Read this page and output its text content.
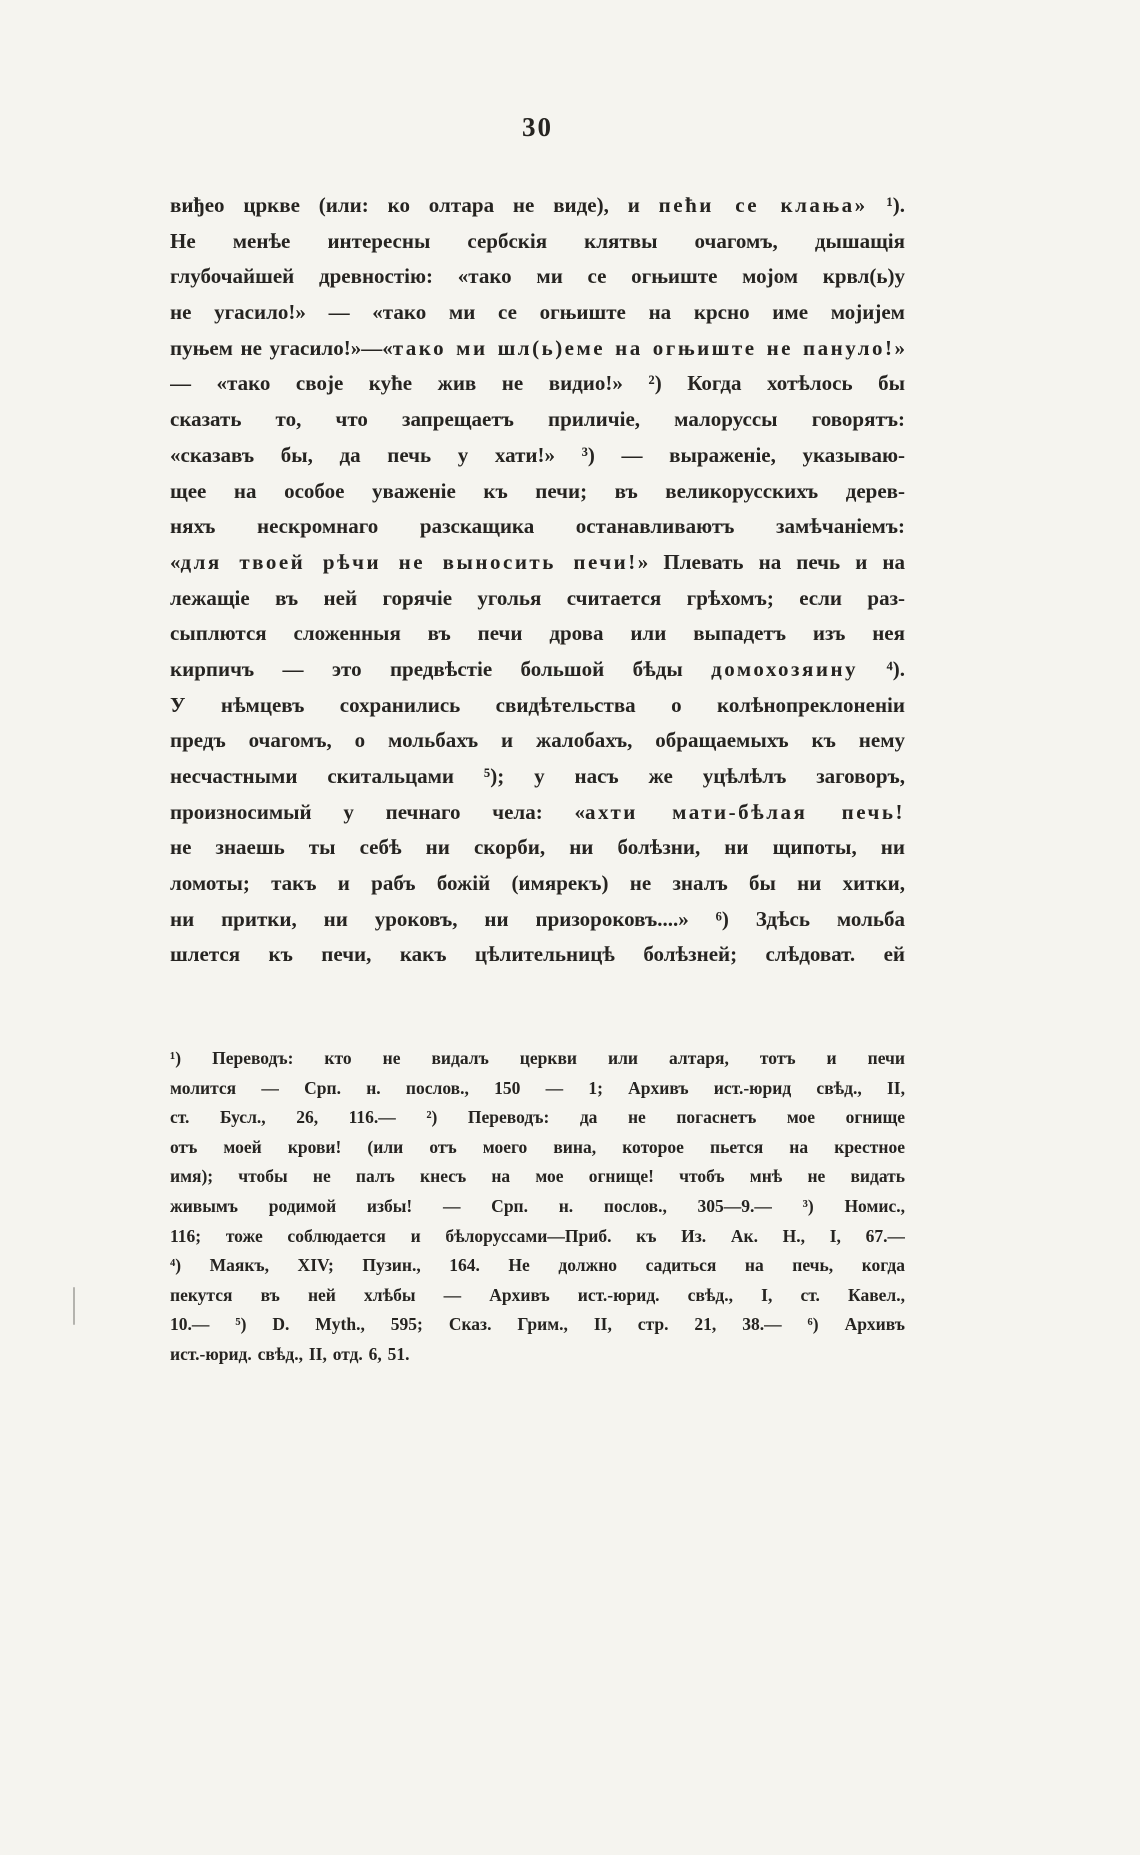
30
виђео цркве (или: ко олтара не виде), и пећи се клања» ¹).
Не менѣе интересны сербскія клятвы очагомъ, дышащія
глубочайшей древностію: «тако ми се огњиште мојом крвл(ь)у
не угасило!» — «тако ми се огњиште на крсно име мојијем
пуњем не угасило!»—«тако ми шл(ь)еме на огњиште не пануло!»
— «тако своје куће жив не видио!» ²) Когда хотѣлось бы
сказать то, что запрещаетъ приличіе, малоруссы говорятъ:
«сказавъ бы, да печь у хати!» ³) — выраженіе, указываю-
щее на особое уваженіе къ печи; въ великорусскихъ дерев-
няхъ нескромнаго разскащика останавливаютъ замѣчаніемъ:
«для твоей рѣчи не выносить печи!» Плевать на печь и на
лежащіе въ ней горячіе уголья считается грѣхомъ; если раз-
сыплются сложенныя въ печи дрова или выпадетъ изъ нея
кирпичъ — это предвѣстіе большой бѣды домохозяину ⁴).
У нѣмцевъ сохранились свидѣтельства о колѣнопреклоненіи
предъ очагомъ, о мольбахъ и жалобахъ, обращаемыхъ къ нему
несчастными скитальцами ⁵); у насъ же уцѣлѣлъ заговоръ,
произносимый у печнаго чела: «ахти мати-бѣлая печь!
не знаешь ты себѣ ни скорби, ни болѣзни, ни щипоты, ни
ломоты; такъ и рабъ божій (имярекъ) не зналъ бы ни хитки,
ни притки, ни уроковъ, ни призороковъ....» ⁶) Здѣсь мольба
шлется къ печи, какъ цѣлительницѣ болѣзней; слѣдоват. ей
¹) Переводъ: кто не видалъ церкви или алтаря, тотъ и печи
молится — Срп. н. послов., 150 — 1; Архивъ ист.-юрид свѣд., II,
ст. Бусл., 26, 116.— ²) Переводъ: да не погаснетъ мое огнище
отъ моей крови! (или отъ моего вина, которое пьется на крестное
имя); чтобы не палъ кнесъ на мое огнище! чтобъ мнѣ не видать
живымъ родимой избы! — Срп. н. послов., 305—9.— ³) Номис.,
116; тоже соблюдается и бѣлоруссами—Приб. къ Из. Ак. Н., I, 67.—
⁴) Маякъ, XIV; Пузин., 164. Не должно садиться на печь, когда
пекутся въ ней хлѣбы — Архивъ ист.-юрид. свѣд., I, ст. Кавел.,
10.— ⁵) D. Myth., 595; Сказ. Грим., II, стр. 21, 38.— ⁶) Архивъ
ист.-юрид. свѣд., II, отд. 6, 51.
